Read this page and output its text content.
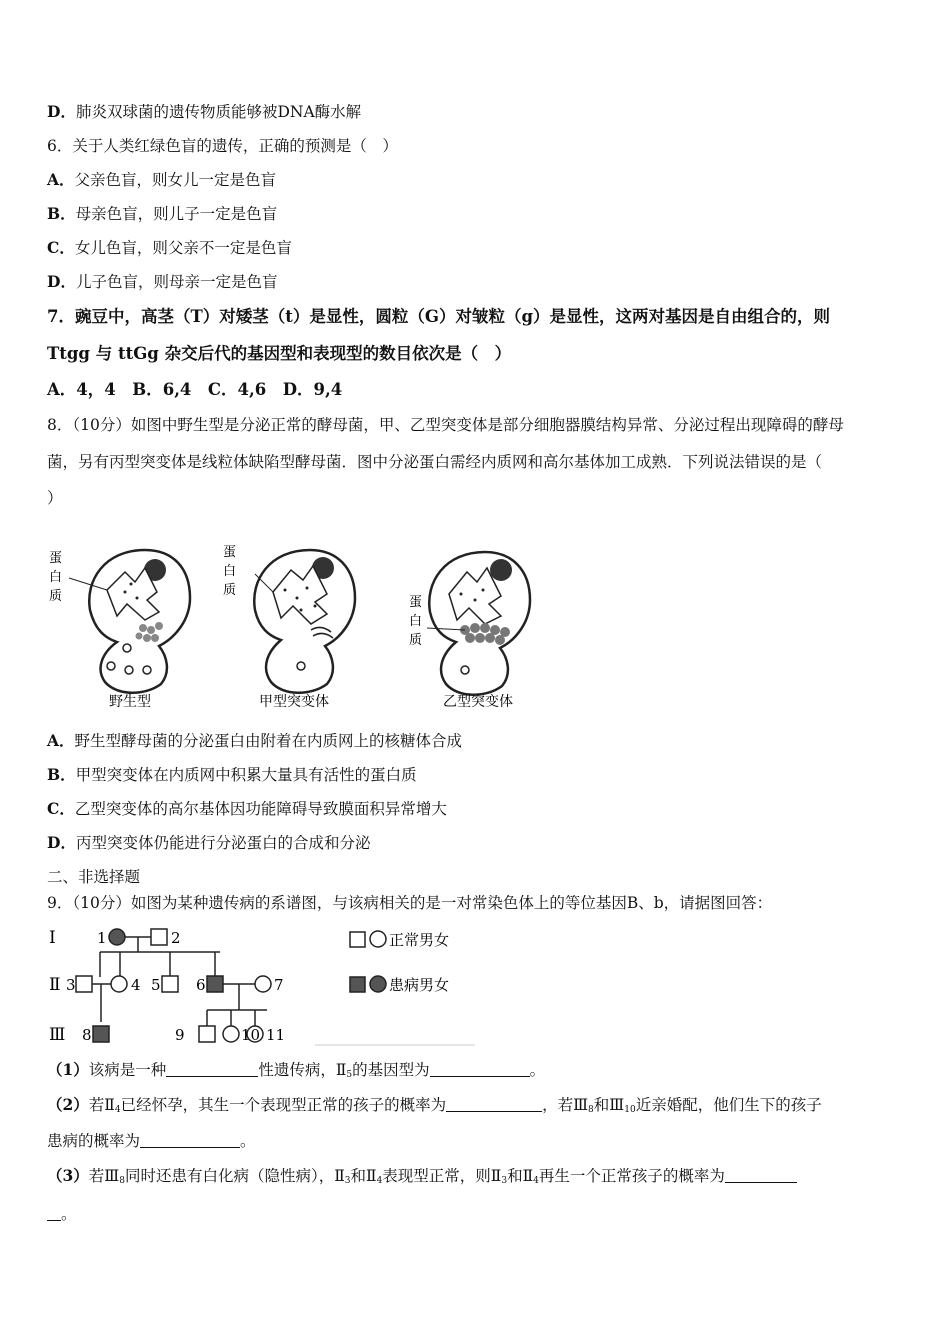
D．肺炎双球菌的遗传物质能够被DNA酶水解
6．关于人类红绿色盲的遗传，正确的预测是（　）
A．父亲色盲，则女儿一定是色盲
B．母亲色盲，则儿子一定是色盲
C．女儿色盲，则父亲不一定是色盲
D．儿子色盲，则母亲一定是色盲
7．豌豆中，高茎（T）对矮茎（t）是显性，圆粒（G）对皱粒（g）是显性，这两对基因是自由组合的，则
Ttgg 与 ttGg 杂交后代的基因型和表现型的数目依次是（　）
A．4，4　B．6,4　C．4,6　D．9,4
8．（10分）如图中野生型是分泌正常的酵母菌，甲、乙型突变体是部分细胞器膜结构异常、分泌过程出现障碍的酵母
菌，另有丙型突变体是线粒体缺陷型酵母菌．图中分泌蛋白需经内质网和高尔基体加工成熟．下列说法错误的是（
）
蛋白质
野生型
蛋白质
甲型突变体
蛋白质
乙型突变体
A．野生型酵母菌的分泌蛋白由附着在内质网上的核糖体合成
B．甲型突变体在内质网中积累大量具有活性的蛋白质
C．乙型突变体的高尔基体因功能障碍导致膜面积异常增大
D．丙型突变体仍能进行分泌蛋白的合成和分泌
二、非选择题
9．（10分）如图为某种遗传病的系谱图，与该病相关的是一对常染色体上的等位基因B、b，请据图回答：
Ⅰ
Ⅱ
Ⅲ
1	2
3	4 5 6	7
8	9	10 11
正常男女
患病男女
（1）该病是一种	性遗传病，$Ⅱ_5$的基因型为	。
（2）若$Ⅱ_4$已经怀孕，其生一个表现型正常的孩子的概率为	，若$Ⅲ_8$和$Ⅲ_{10}$近亲婚配，他们生下的孩子
患病的概率为	。
（3）若$Ⅲ_8$同时还患有白化病（隐性病），$Ⅱ_3$和$Ⅱ_4$表现型正常，则$Ⅱ_3$和$Ⅱ_4$再生一个正常孩子的概率为
。
